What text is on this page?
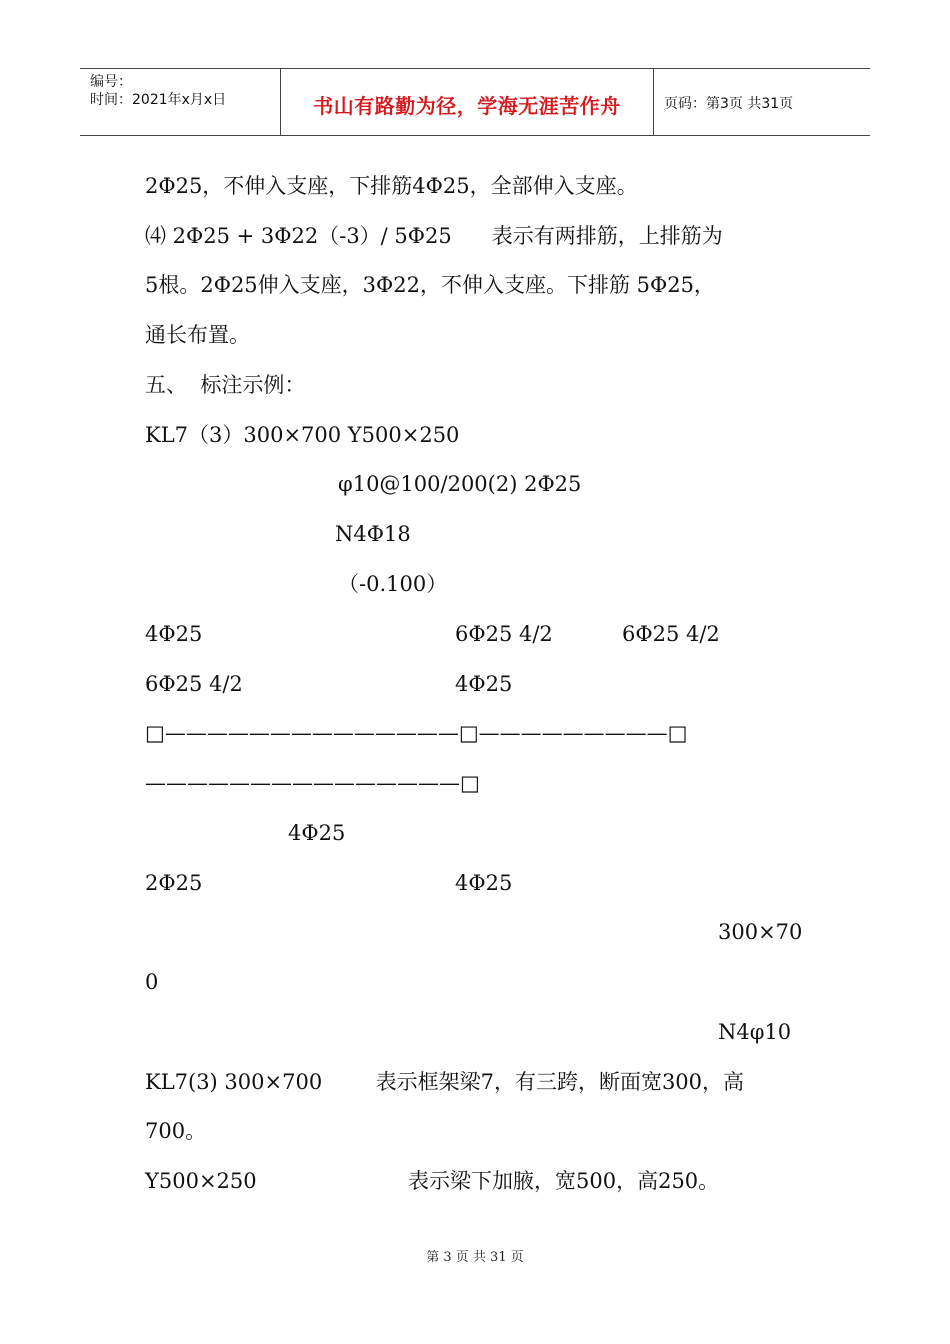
编号：
时间：2021年x月x日	书山有路勤为径，学海无涯苦作舟	页码：第3页 共31页
2Φ25，不伸入支座，下排筋4Φ25，全部伸入支座。
⑷ 2Φ25 + 3Φ22（-3）/ 5Φ25      表示有两排筋，上排筋为
5根。2Φ25伸入支座，3Φ22，不伸入支座。下排筋 5Φ25，
通长布置。
五、  标注示例：
KL7（3）300×700 Y500×250
φ10@100/200(2) 2Φ25
N4Φ18
（-0.100）
4Φ25	6Φ25 4/2	6Φ25 4/2
6Φ25 4/2	4Φ25
□——————————————□—————————□
———————————————□
4Φ25
2Φ25	4Φ25
300×70
0
N4φ10
KL7(3) 300×700        表示框架梁7，有三跨，断面宽300，高
700。
Y500×250	表示梁下加腋，宽500，高250。
第 3 页 共 31 页
